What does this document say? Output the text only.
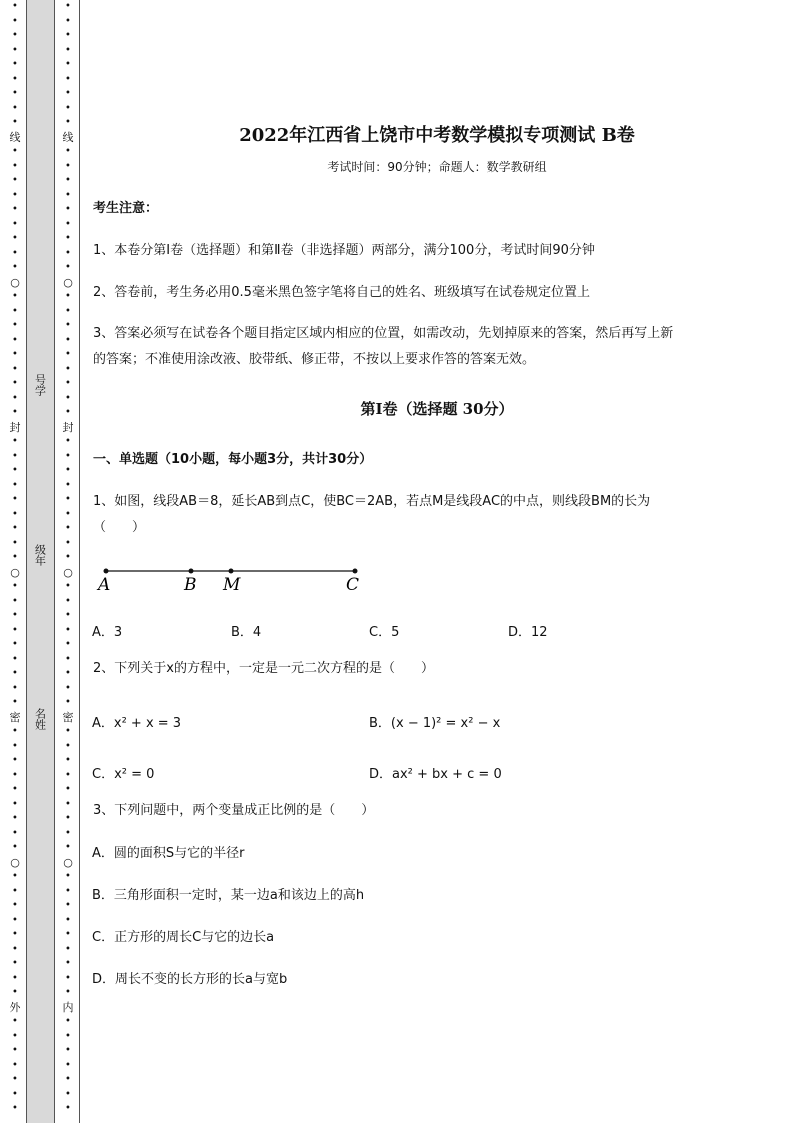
•
•
•
•
•
•
•
•
•
线
•
•
•
•
•
•
•
•
•
○
•
•
•
•
•
•
•
•
•
封
•
•
•
•
•
•
•
•
•
○
•
•
•
•
•
•
•
•
•
密
•
•
•
•
•
•
•
•
•
○
•
•
•
•
•
•
•
•
•
外
•
•
•
•
•
•
•
•
•
•
•
•
•
•
•
•
线
•
•
•
•
•
•
•
•
•
○
•
•
•
•
•
•
•
•
•
封
•
•
•
•
•
•
•
•
•
○
•
•
•
•
•
•
•
•
•
密
•
•
•
•
•
•
•
•
•
○
•
•
•
•
•
•
•
•
•
内
•
•
•
•
•
•
•
号学
级年
名姓
2022年江西省上饶市中考数学模拟专项测试 B卷
考试时间：90分钟；命题人：数学教研组
考生注意：
1、本卷分第Ⅰ卷（选择题）和第Ⅱ卷（非选择题）两部分，满分100分，考试时间90分钟
2、答卷前，考生务必用0.5毫米黑色签字笔将自己的姓名、班级填写在试卷规定位置上
3、答案必须写在试卷各个题目指定区域内相应的位置，如需改动，先划掉原来的答案，然后再写上新
的答案；不准使用涂改液、胶带纸、修正带，不按以上要求作答的答案无效。
第Ⅰ卷（选择题 30分）
一、单选题（10小题，每小题3分，共计30分）
1、如图，线段AB＝8，延长AB到点C，使BC＝2AB，若点M是线段AC的中点，则线段BM的长为
（　　）
A	B M	C
A．3	B．4	C．5	D．12
2、下列关于x的方程中，一定是一元二次方程的是（　　）
A．x² + x = 3	B．(x − 1)² = x² − x
C．x² = 0	D．ax² + bx + c = 0
3、下列问题中，两个变量成正比例的是（　　）
A．圆的面积S与它的半径r
B．三角形面积一定时，某一边a和该边上的高h
C．正方形的周长C与它的边长a
D．周长不变的长方形的长a与宽b
